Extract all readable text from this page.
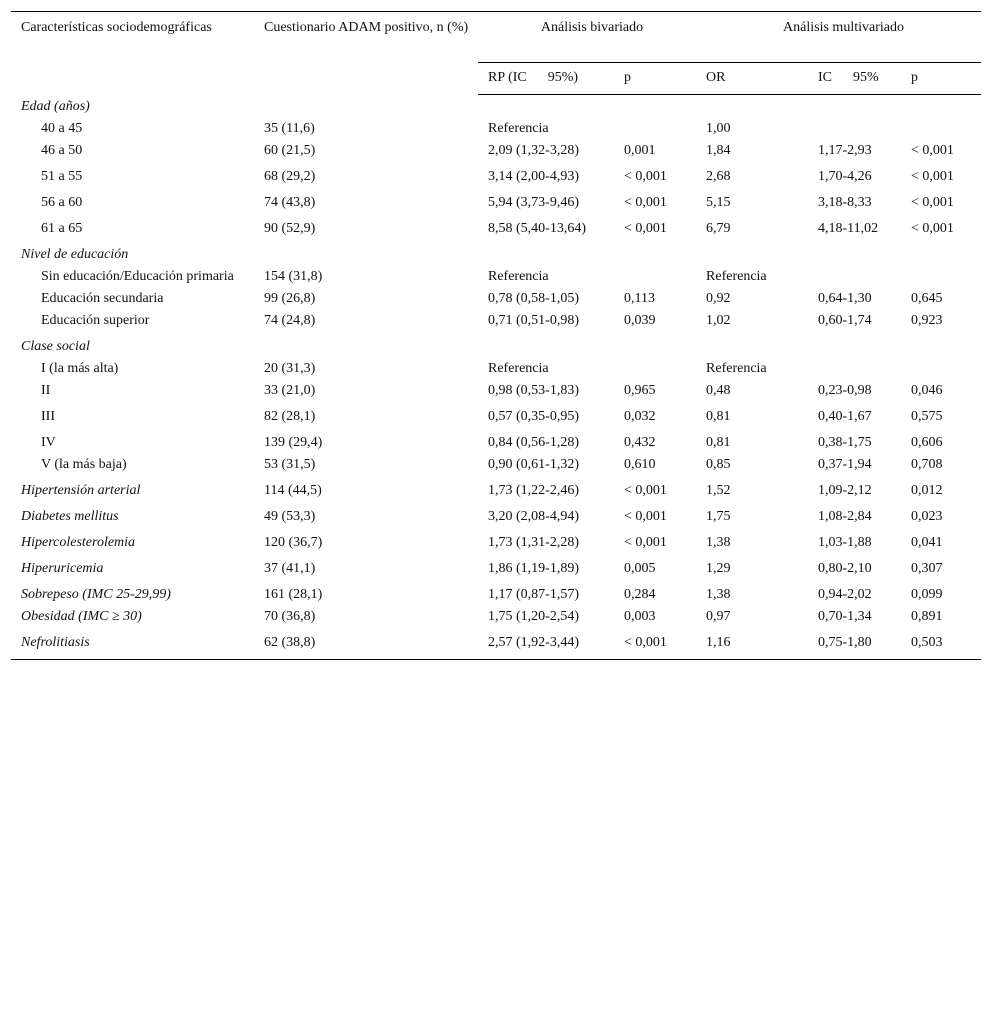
Características sociodemográficas	Cuestionario ADAM positivo, n (%)	Análisis bivariado		Análisis multivariado		
		RP (IC      95%)	p	OR	IC      95%	p
Edad (años)						
40 a 45	35 (11,6)	Referencia		1,00		
46 a 50	60 (21,5)	2,09 (1,32-3,28)	0,001	1,84	1,17-2,93	< 0,001
51 a 55	68 (29,2)	3,14 (2,00-4,93)	< 0,001	2,68	1,70-4,26	< 0,001
56 a 60	74 (43,8)	5,94 (3,73-9,46)	< 0,001	5,15	3,18-8,33	< 0,001
61 a 65	90 (52,9)	8,58 (5,40-13,64)	< 0,001	6,79	4,18-11,02	< 0,001
Nivel de educación						

Sin educación/Educación primaria	154 (31,8)	Referencia		Referencia		
Educación secundaria	99 (26,8)	0,78 (0,58-1,05)	0,113	0,92	0,64-1,30	0,645
Educación superior	74 (24,8)	0,71 (0,51-0,98)	0,039	1,02	0,60-1,74	0,923
Clase social						
I (la más alta)	20 (31,3)	Referencia		Referencia		
II	33 (21,0)	0,98 (0,53-1,83)	0,965	0,48	0,23-0,98	0,046
III	82 (28,1)	0,57 (0,35-0,95)	0,032	0,81	0,40-1,67	0,575
IV	139 (29,4)	0,84 (0,56-1,28)	0,432	0,81	0,38-1,75	0,606
V (la más baja)	53 (31,5)	0,90 (0,61-1,32)	0,610	0,85	0,37-1,94	0,708
Hipertensión arterial	114 (44,5)	1,73 (1,22-2,46)	< 0,001	1,52	1,09-2,12	0,012
Diabetes mellitus	49 (53,3)	3,20 (2,08-4,94)	< 0,001	1,75	1,08-2,84	0,023
Hipercolesterolemia	120 (36,7)	1,73 (1,31-2,28)	< 0,001	1,38	1,03-1,88	0,041
Hiperuricemia	37 (41,1)	1,86 (1,19-1,89)	0,005	1,29	0,80-2,10	0,307
Sobrepeso (IMC 25-29,99)	161 (28,1)	1,17 (0,87-1,57)	0,284	1,38	0,94-2,02	0,099
Obesidad (IMC ≥ 30)	70 (36,8)	1,75 (1,20-2,54)	0,003	0,97	0,70-1,34	0,891
Nefrolitiasis	62 (38,8)	2,57 (1,92-3,44)	< 0,001	1,16	0,75-1,80	0,503
